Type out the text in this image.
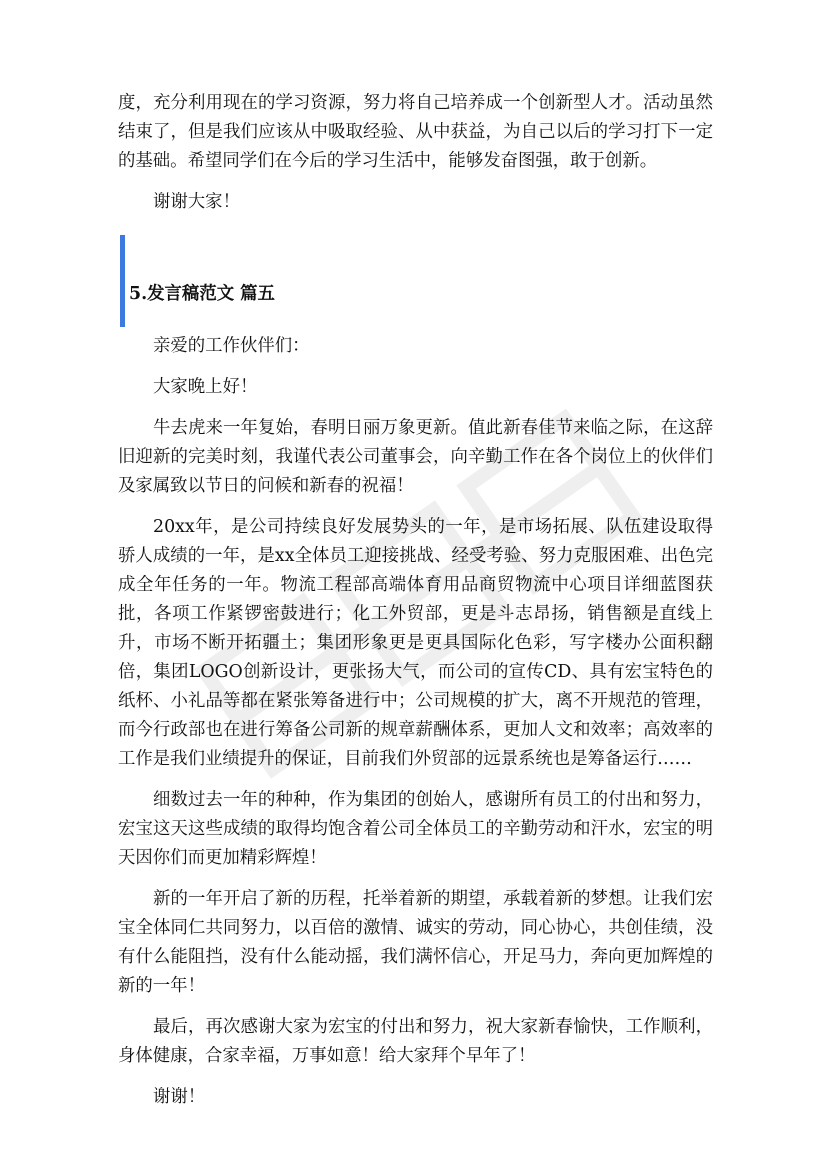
度，充分利用现在的学习资源，努力将自己培养成一个创新型人才。活动虽然结束了，但是我们应该从中吸取经验、从中获益，为自己以后的学习打下一定的基础。希望同学们在今后的学习生活中，能够发奋图强，敢于创新。

谢谢大家！

5.发言稿范文 篇五

亲爱的工作伙伴们：

大家晚上好！

牛去虎来一年复始，春明日丽万象更新。值此新春佳节来临之际，在这辞旧迎新的完美时刻，我谨代表公司董事会，向辛勤工作在各个岗位上的伙伴们及家属致以节日的问候和新春的祝福！

20xx年，是公司持续良好发展势头的一年，是市场拓展、队伍建设取得骄人成绩的一年，是xx全体员工迎接挑战、经受考验、努力克服困难、出色完成全年任务的一年。物流工程部高端体育用品商贸物流中心项目详细蓝图获批，各项工作紧锣密鼓进行；化工外贸部，更是斗志昂扬，销售额是直线上升，市场不断开拓疆土；集团形象更是更具国际化色彩，写字楼办公面积翻倍，集团LOGO创新设计，更张扬大气，而公司的宣传CD、具有宏宝特色的纸杯、小礼品等都在紧张筹备进行中；公司规模的扩大，离不开规范的管理，而今行政部也在进行筹备公司新的规章薪酬体系，更加人文和效率；高效率的工作是我们业绩提升的保证，目前我们外贸部的远景系统也是筹备运行……

细数过去一年的种种，作为集团的创始人，感谢所有员工的付出和努力，宏宝这天这些成绩的取得均饱含着公司全体员工的辛勤劳动和汗水，宏宝的明天因你们而更加精彩辉煌！

新的一年开启了新的历程，托举着新的期望，承载着新的梦想。让我们宏宝全体同仁共同努力，以百倍的激情、诚实的劳动，同心协心，共创佳绩，没有什么能阻挡，没有什么能动摇，我们满怀信心，开足马力，奔向更加辉煌的新的一年！

最后，再次感谢大家为宏宝的付出和努力，祝大家新春愉快，工作顺利，身体健康，合家幸福，万事如意！给大家拜个早年了！

谢谢！
